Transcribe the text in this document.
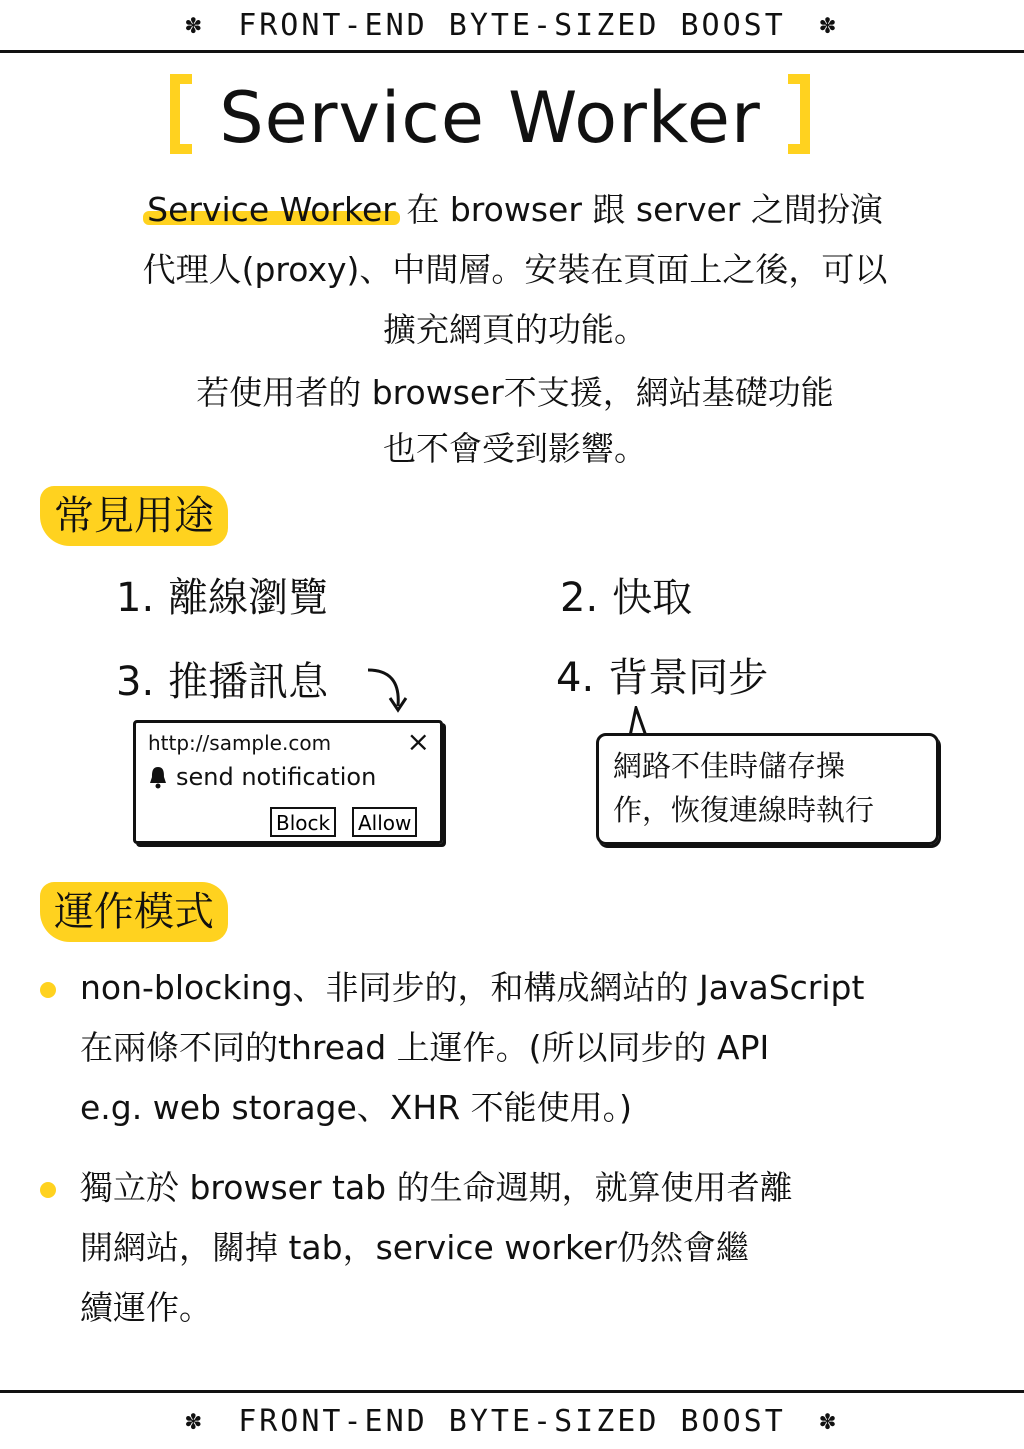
✽ FRONT-END BYTE-SIZED BOOST ✽
Service Worker
Service Worker 在 browser 跟 server 之間扮演
代理人(proxy)、中間層。安裝在頁面上之後，可以
擴充網頁的功能。
若使用者的 browser不支援，網站基礎功能
也不會受到影響。
常見用途
1. 離線瀏覽	2. 快取
3. 推播訊息	4. 背景同步
http://sample.com	×
send notification
Block	Allow
網路不佳時儲存操
作，恢復連線時執行
運作模式
non-blocking、非同步的，和構成網站的 JavaScript
在兩條不同的thread 上運作。(所以同步的 API
e.g. web storage、XHR 不能使用。)
獨立於 browser tab 的生命週期，就算使用者離
開網站，關掉 tab，service worker仍然會繼
續運作。
✽ FRONT-END BYTE-SIZED BOOST ✽
